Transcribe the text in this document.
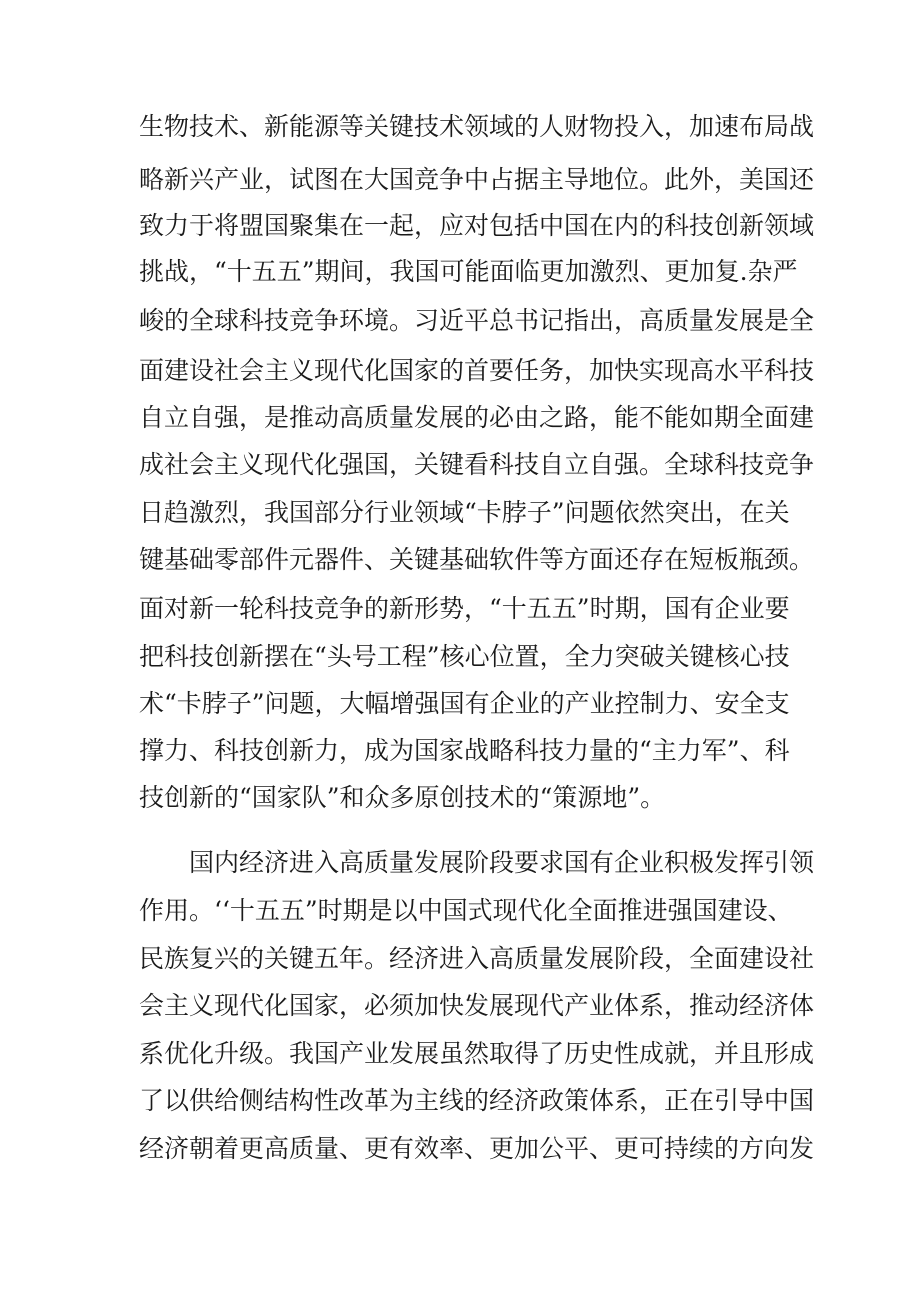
生物技术、新能源等关键技术领域的人财物投入，加速布局战

略新兴产业，试图在大国竞争中占据主导地位。此外，美国还

致力于将盟国聚集在一起，应对包括中国在内的科技创新领域

挑战，“十五五”期间，我国可能面临更加激烈、更加复.杂严

峻的全球科技竞争环境。习近平总书记指出，高质量发展是全

面建设社会主义现代化国家的首要任务，加快实现高水平科技

自立自强，是推动高质量发展的必由之路，能不能如期全面建

成社会主义现代化强国，关键看科技自立自强。全球科技竞争

日趋激烈，我国部分行业领域“卡脖子”问题依然突出，在关

键基础零部件元器件、关键基础软件等方面还存在短板瓶颈。

面对新一轮科技竞争的新形势，“十五五”时期，国有企业要

把科技创新摆在“头号工程”核心位置，全力突破关键核心技

术“卡脖子”问题，大幅增强国有企业的产业控制力、安全支

撑力、科技创新力，成为国家战略科技力量的“主力军”、科

技创新的“国家队”和众多原创技术的“策源地”。

国内经济进入高质量发展阶段要求国有企业积极发挥引领

作用。‘‘十五五”时期是以中国式现代化全面推进强国建设、

民族复兴的关键五年。经济进入高质量发展阶段，全面建设社

会主义现代化国家，必须加快发展现代产业体系，推动经济体

系优化升级。我国产业发展虽然取得了历史性成就，并且形成

了以供给侧结构性改革为主线的经济政策体系，正在引导中国

经济朝着更高质量、更有效率、更加公平、更可持续的方向发
